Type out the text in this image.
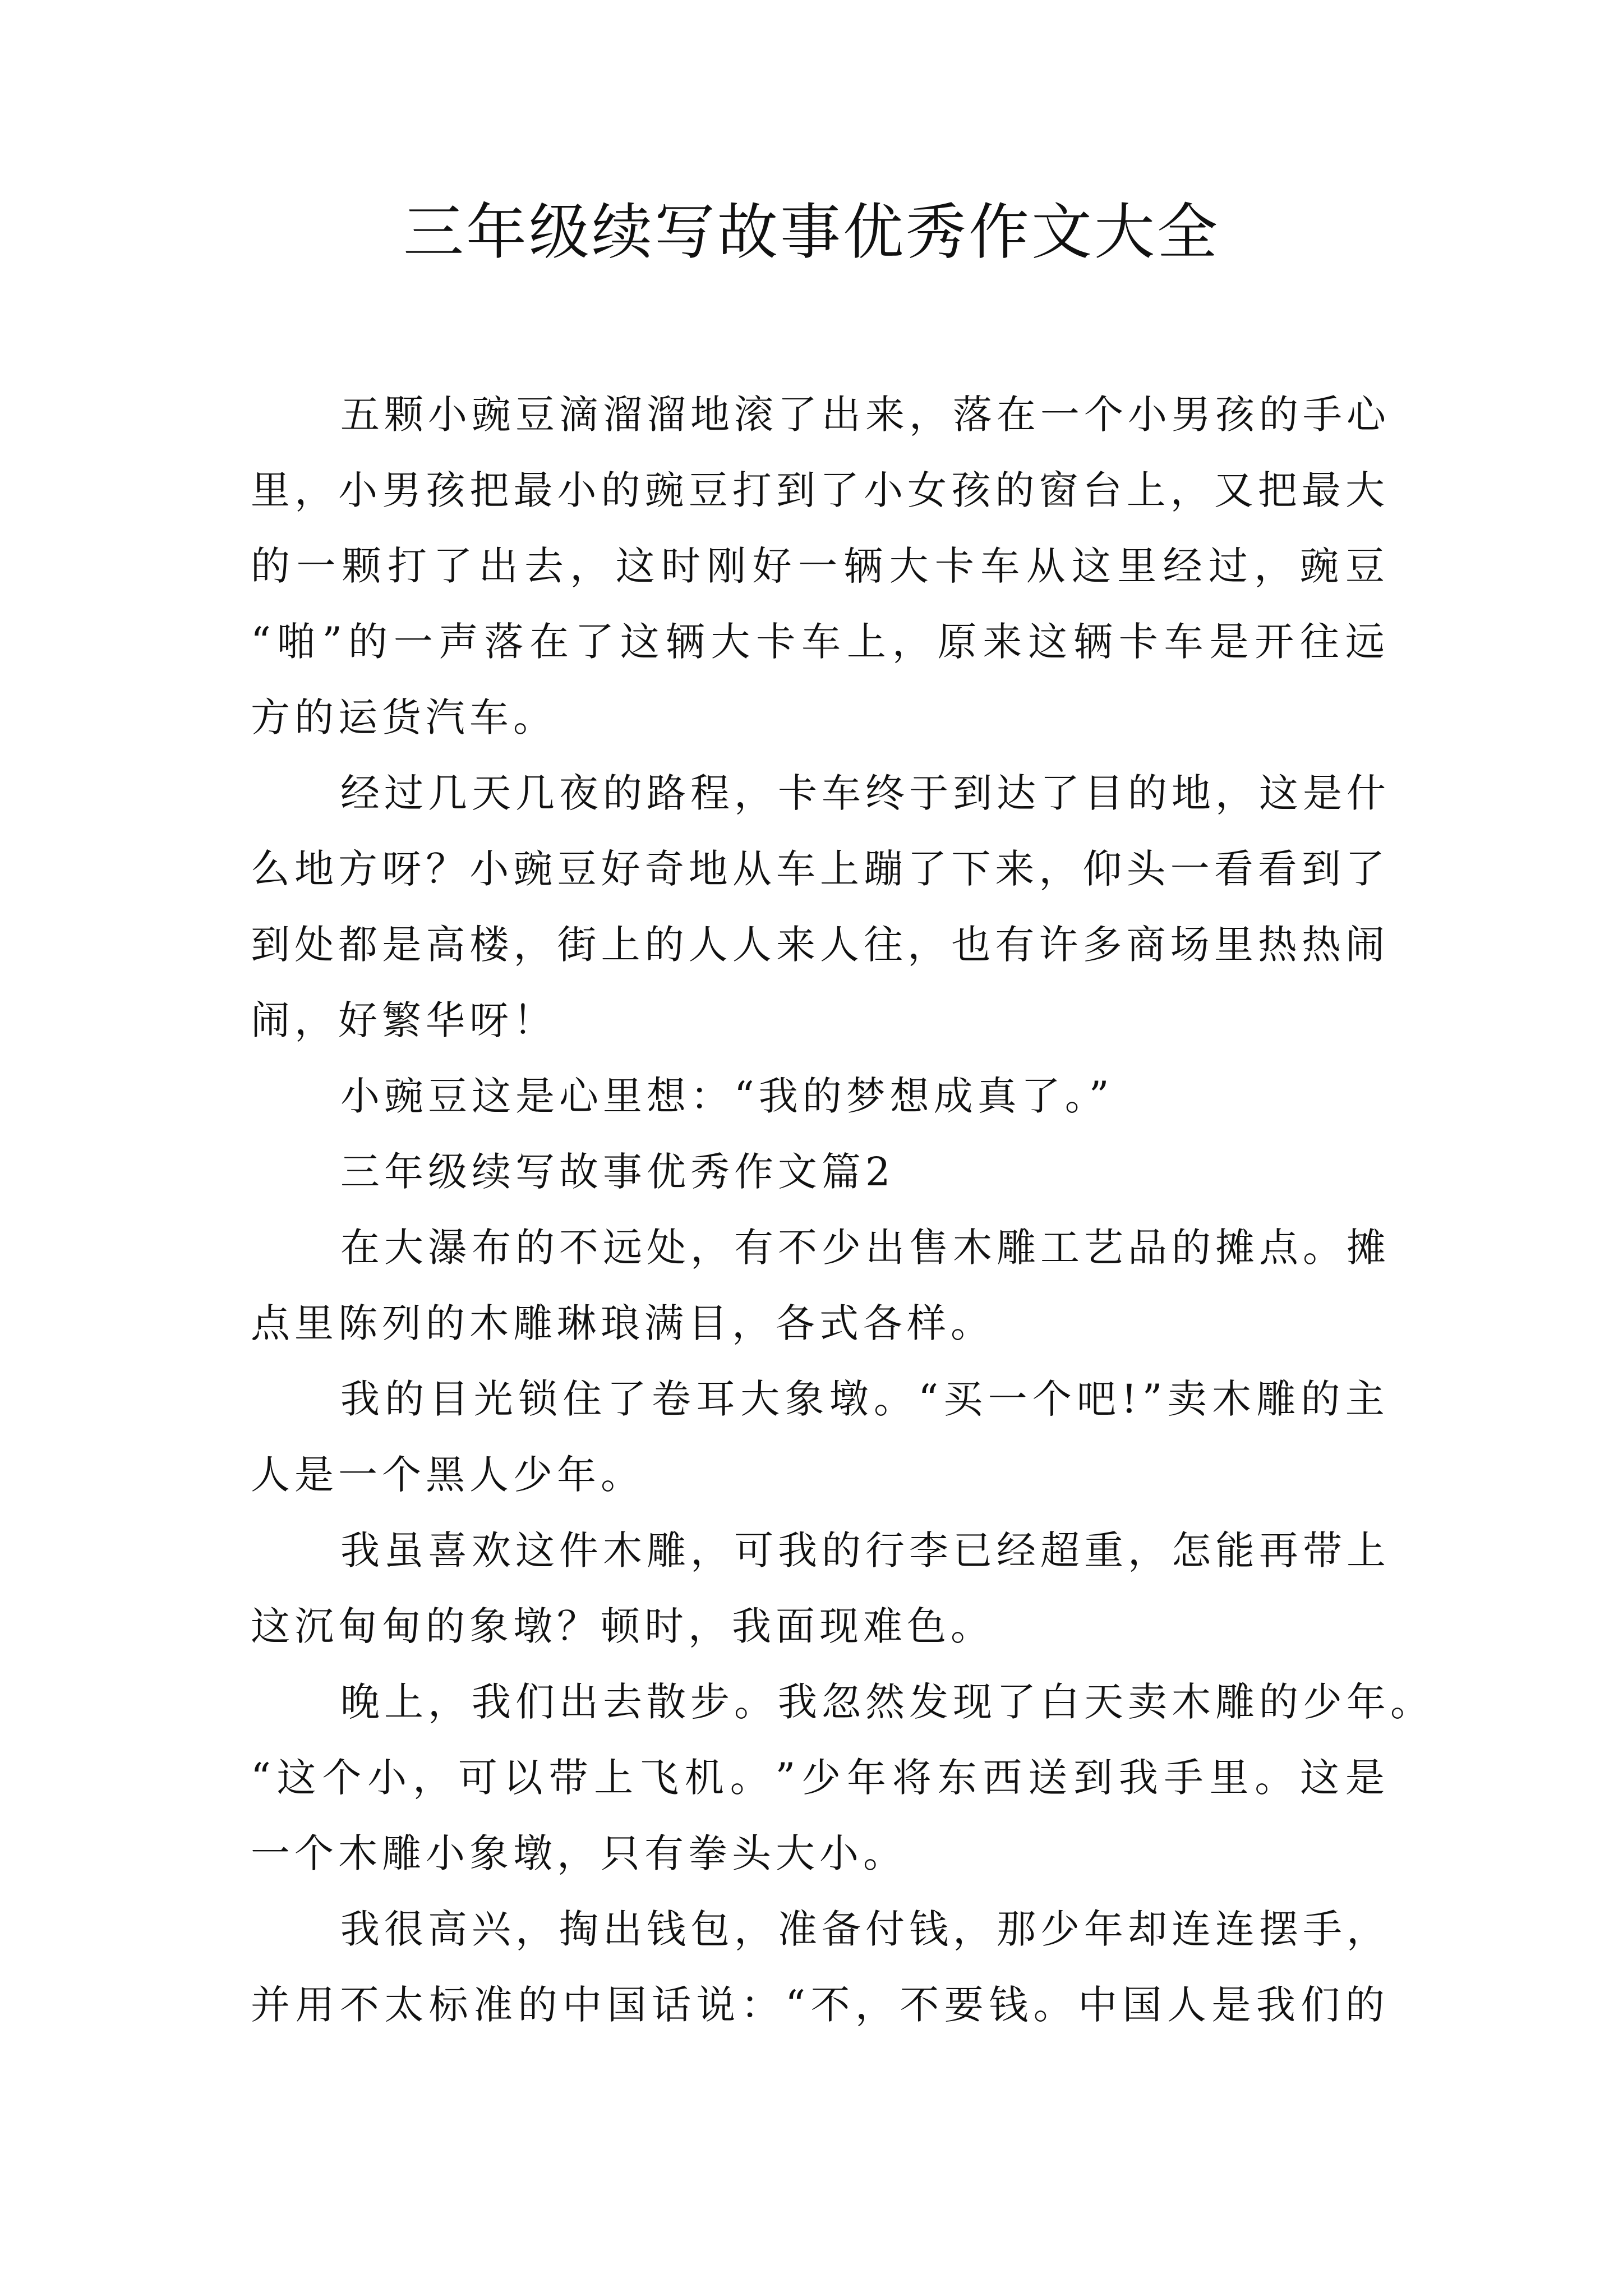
三年级续写故事优秀作文大全
五 颗 小 豌 豆 滴 溜 溜 地 滚 了 出 来 ， 落 在 一 个 小 男 孩 的 手 心
里 ， 小 男 孩 把 最 小 的 豌 豆 打 到 了 小 女 孩 的 窗 台 上 ， 又 把 最 大
的 一 颗 打 了 出 去 ， 这 时 刚 好 一 辆 大 卡 车 从 这 里 经 过 ， 豌 豆
“ 啪 ” 的 一 声 落 在 了 这 辆 大 卡 车 上 ， 原 来 这 辆 卡 车 是 开 往 远
方的运货汽车。
经 过 几 天 几 夜 的 路 程 ， 卡 车 终 于 到 达 了 目 的 地 ， 这 是 什
么 地 方 呀 ？ 小 豌 豆 好 奇 地 从 车 上 蹦 了 下 来 ， 仰 头 一 看 看 到 了
到 处 都 是 高 楼 ， 街 上 的 人 人 来 人 往 ， 也 有 许 多 商 场 里 热 热 闹
闹，好繁华呀！
小豌豆这是心里想：“我的梦想成真了。”
三年级续写故事优秀作文篇2
在 大 瀑 布 的 不 远 处 ， 有 不 少 出 售 木 雕 工 艺 品 的 摊 点 。 摊
点里陈列的木雕琳琅满目，各式各样。
我 的 目 光 锁 住 了 卷 耳 大 象 墩 。 “ 买 一 个 吧 ! ” 卖 木 雕 的 主
人是一个黑人少年。
我 虽 喜 欢 这 件 木 雕 ， 可 我 的 行 李 已 经 超 重 ， 怎 能 再 带 上
这沉甸甸的象墩？顿时，我面现难色。
晚 上 ， 我 们 出 去 散 步 。 我 忽 然 发 现 了 白 天 卖 木 雕 的 少 年 。
“ 这 个 小 ， 可 以 带 上 飞 机 。 ” 少 年 将 东 西 送 到 我 手 里 。 这 是
一个木雕小象墩，只有拳头大小。
我 很 高 兴 ， 掏 出 钱 包 ， 准 备 付 钱 ， 那 少 年 却 连 连 摆 手 ，
并 用 不 太 标 准 的 中 国 话 说 ： “ 不 ， 不 要 钱 。 中 国 人 是 我 们 的
